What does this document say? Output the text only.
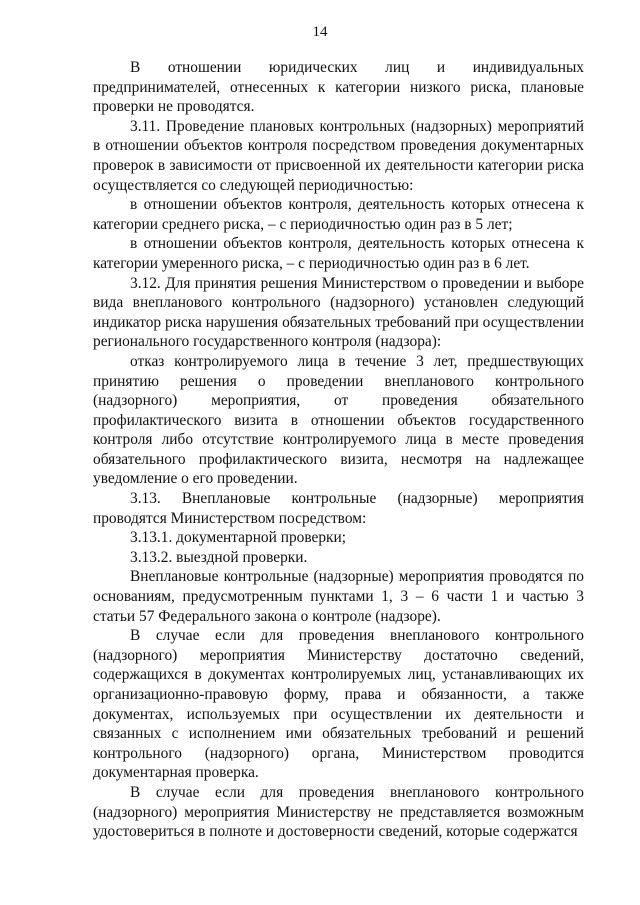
14

В отношении юридических лиц и индивидуальных предпринимателей, отнесенных к категории низкого риска, плановые проверки не проводятся.

3.11. Проведение плановых контрольных (надзорных) мероприятий в отношении объектов контроля посредством проведения документарных проверок в зависимости от присвоенной их деятельности категории риска осуществляется со следующей периодичностью:

в отношении объектов контроля, деятельность которых отнесена к категории среднего риска, – с периодичностью один раз в 5 лет;

в отношении объектов контроля, деятельность которых отнесена к категории умеренного риска, – с периодичностью один раз в 6 лет.

3.12. Для принятия решения Министерством о проведении и выборе вида внепланового контрольного (надзорного) установлен следующий индикатор риска нарушения обязательных требований при осуществлении регионального государственного контроля (надзора):

отказ контролируемого лица в течение 3 лет, предшествующих принятию решения о проведении внепланового контрольного (надзорного) мероприятия, от проведения обязательного профилактического визита в отношении объектов государственного контроля либо отсутствие контролируемого лица в месте проведения обязательного профилактического визита, несмотря на надлежащее уведомление о его проведении.

3.13. Внеплановые контрольные (надзорные) мероприятия проводятся Министерством посредством:

3.13.1. документарной проверки;

3.13.2. выездной проверки.

Внеплановые контрольные (надзорные) мероприятия проводятся по основаниям, предусмотренным пунктами 1, 3 – 6 части 1 и частью 3 статьи 57 Федерального закона о контроле (надзоре).

В случае если для проведения внепланового контрольного (надзорного) мероприятия Министерству достаточно сведений, содержащихся в документах контролируемых лиц, устанавливающих их организационно-правовую форму, права и обязанности, а также документах, используемых при осуществлении их деятельности и связанных с исполнением ими обязательных требований и решений контрольного (надзорного) органа, Министерством проводится документарная проверка.

В случае если для проведения внепланового контрольного (надзорного) мероприятия Министерству не представляется возможным удостовериться в полноте и достоверности сведений, которые содержатся
